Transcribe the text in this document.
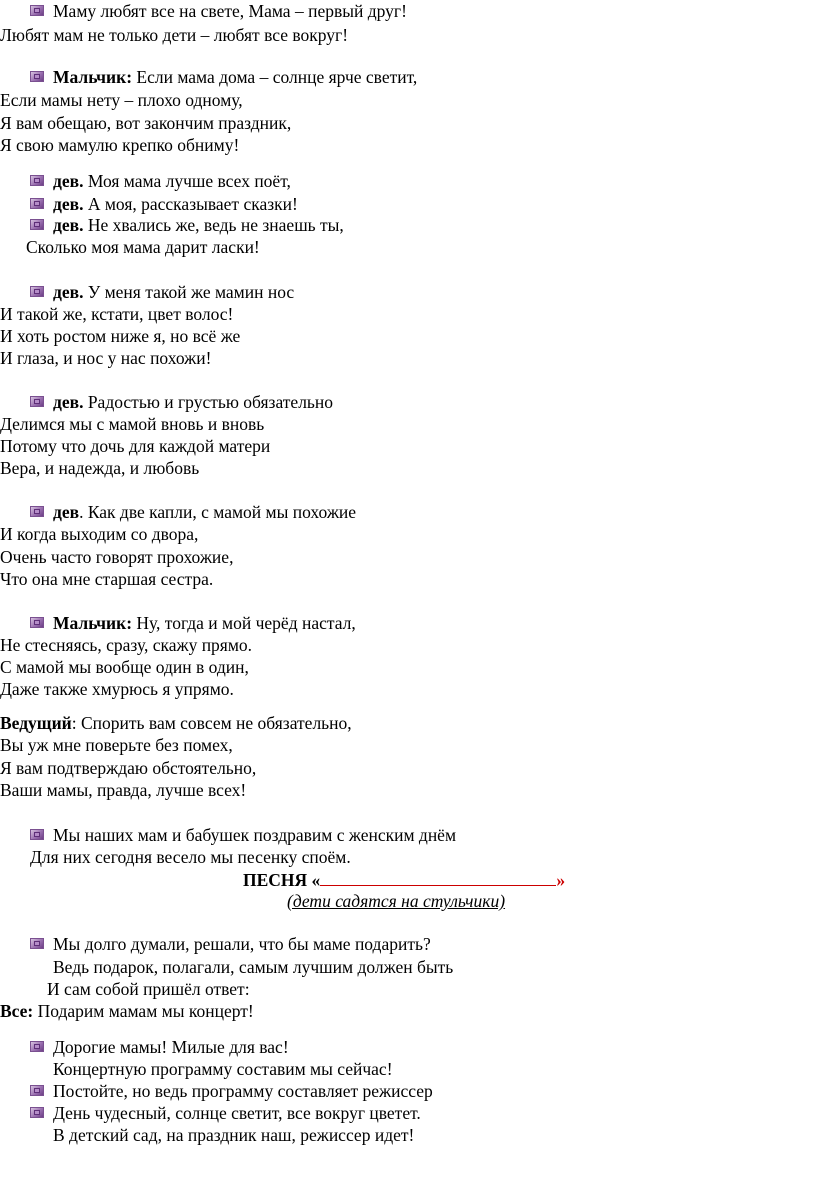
Маму любят все на свете, Мама – первый друг!
Любят мам не только дети – любят все вокруг!
Мальчик: Если мама дома – солнце ярче светит,
Если мамы нету – плохо одному,
Я вам обещаю, вот закончим праздник,
Я свою мамулю крепко обниму!
дев. Моя мама лучше всех поёт,
дев. А моя, рассказывает сказки!
дев. Не хвались же, ведь не знаешь ты,
Сколько моя мама дарит ласки!
дев. У меня такой же мамин нос
И такой же, кстати, цвет волос!
И хоть ростом ниже я, но всё же
И глаза, и нос у нас похожи!
дев. Радостью и грустью обязательно
Делимся мы с мамой вновь и вновь
Потому что дочь для каждой матери
Вера, и надежда, и любовь
дев. Как две капли, с мамой мы похожие
И когда выходим со двора,
Очень часто говорят прохожие,
Что она мне старшая сестра.
Мальчик: Ну, тогда и мой черёд настал,
Не стесняясь, сразу, скажу прямо.
С мамой мы вообще один в один,
Даже также хмурюсь я упрямо.
Ведущий: Спорить вам совсем не обязательно,
Вы уж мне поверьте без помех,
Я вам подтверждаю обстоятельно,
Ваши мамы, правда, лучше всех!
Мы наших мам и бабушек поздравим с женским днём
Для них сегодня весело мы песенку споём.
ПЕСНЯ «	»
(дети садятся на стульчики)
Мы долго думали, решали, что бы маме подарить?
Ведь подарок, полагали, самым лучшим должен быть
И сам собой пришёл ответ:
Все: Подарим мамам мы концерт!
Дорогие мамы! Милые для вас!
Концертную программу составим мы сейчас!
Постойте, но ведь программу составляет режиссер
День чудесный, солнце светит, все вокруг цветет.
В детский сад, на праздник наш, режиссер идет!
